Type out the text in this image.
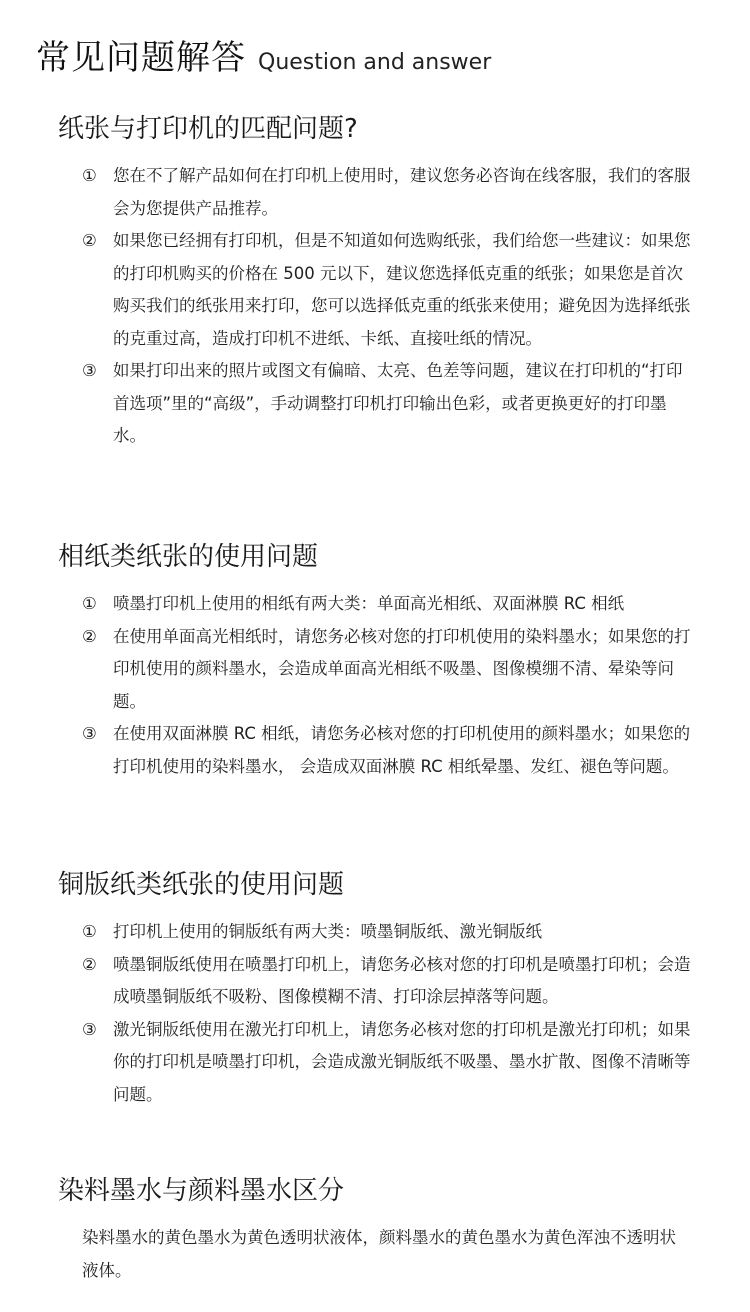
常见问题解答 Question and answer
纸张与打印机的匹配问题?
① 您在不了解产品如何在打印机上使用时，建议您务必咨询在线客服，我们的客服会为您提供产品推荐。
② 如果您已经拥有打印机，但是不知道如何选购纸张，我们给您一些建议：如果您的打印机购买的价格在 500 元以下，建议您选择低克重的纸张；如果您是首次购买我们的纸张用来打印，您可以选择低克重的纸张来使用；避免因为选择纸张的克重过高，造成打印机不进纸、卡纸、直接吐纸的情况。
③ 如果打印出来的照片或图文有偏暗、太亮、色差等问题，建议在打印机的“打印首选项”里的“高级”，手动调整打印机打印输出色彩，或者更换更好的打印墨水。
相纸类纸张的使用问题
① 喷墨打印机上使用的相纸有两大类：单面高光相纸、双面淋膜 RC 相纸
② 在使用单面高光相纸时，请您务必核对您的打印机使用的染料墨水；如果您的打印机使用的颜料墨水，会造成单面高光相纸不吸墨、图像模绷不清、晕染等问题。
③ 在使用双面淋膜 RC 相纸，请您务必核对您的打印机使用的颜料墨水；如果您的打印机使用的染料墨水， 会造成双面淋膜 RC 相纸晕墨、发红、褪色等问题。
铜版纸类纸张的使用问题
① 打印机上使用的铜版纸有两大类：喷墨铜版纸、激光铜版纸
② 喷墨铜版纸使用在喷墨打印机上，请您务必核对您的打印机是喷墨打印机；会造成喷墨铜版纸不吸粉、图像模糊不清、打印涂层掉落等问题。
③ 激光铜版纸使用在激光打印机上，请您务必核对您的打印机是激光打印机；如果你的打印机是喷墨打印机，会造成激光铜版纸不吸墨、墨水扩散、图像不清晰等问题。
染料墨水与颜料墨水区分
染料墨水的黄色墨水为黄色透明状液体，颜料墨水的黄色墨水为黄色浑浊不透明状液体。
